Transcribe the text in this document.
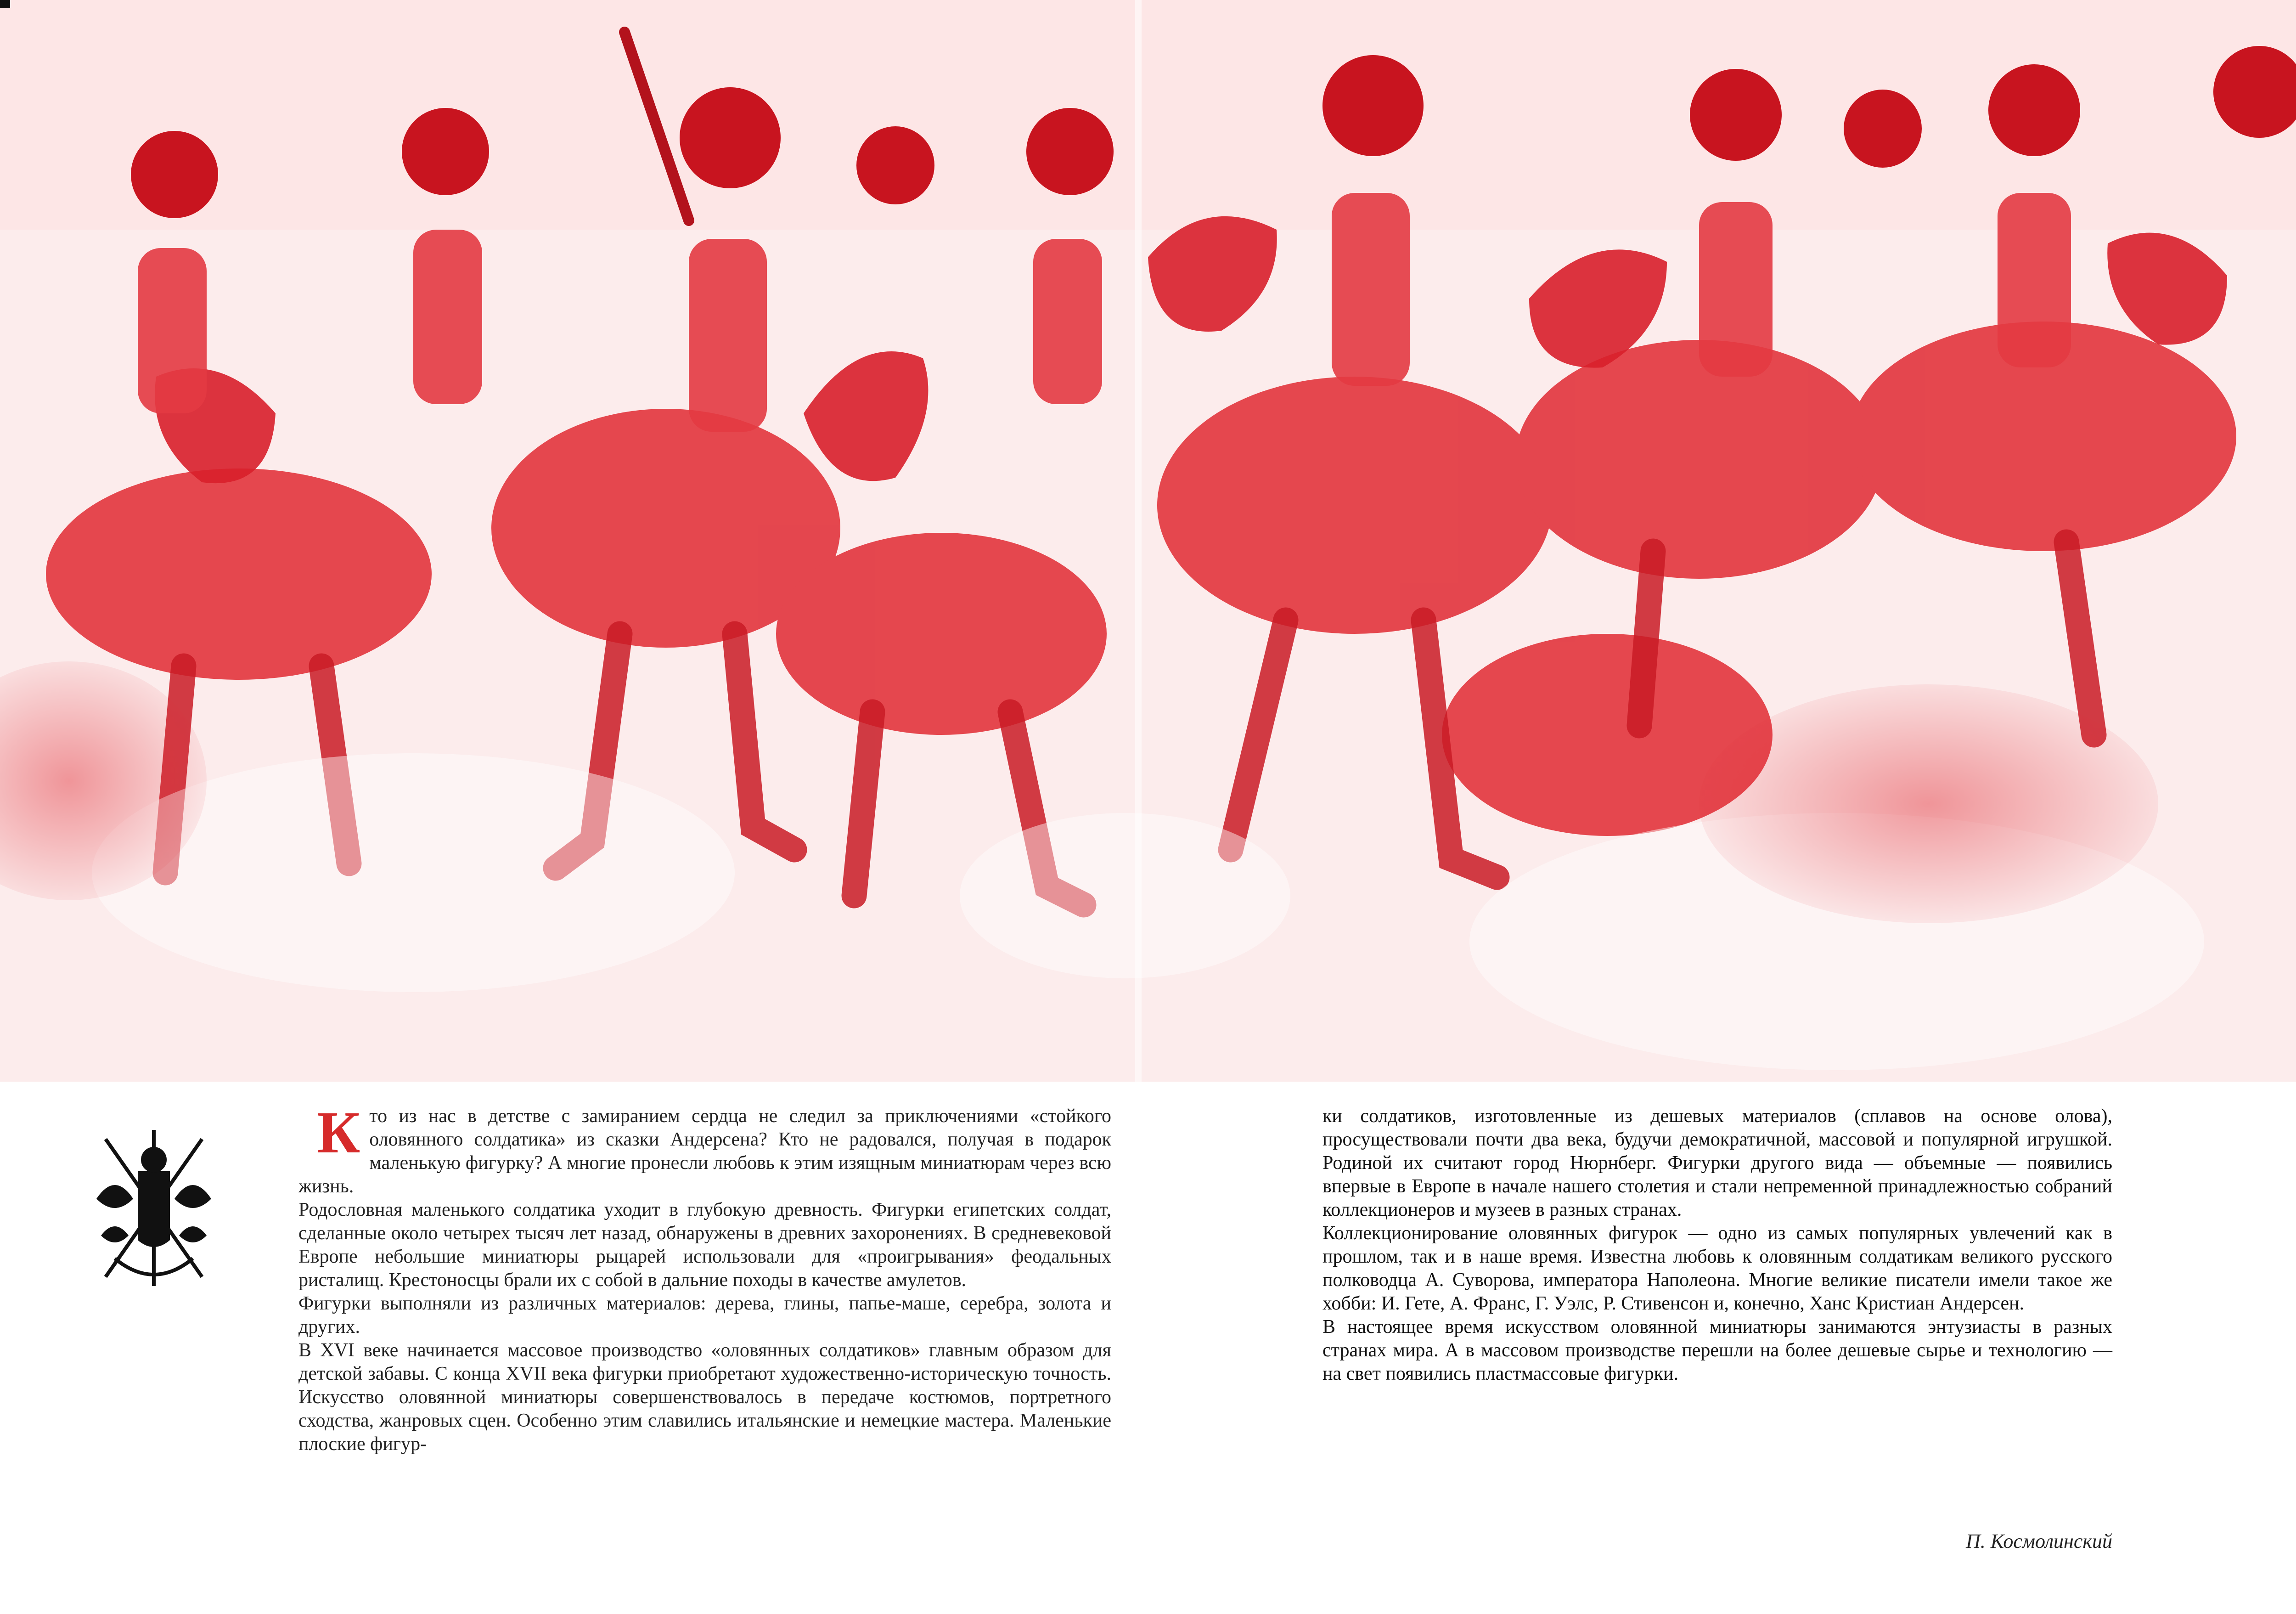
Кто из нас в детстве с замиранием сердца не следил за приключениями «стойкого оловянного солдатика» из сказки Андерсена? Кто не радовался, получая в подарок маленькую фигурку? А многие пронесли любовь к этим изящным миниатюрам через всю жизнь.

Родословная маленького солдатика уходит в глубокую древность. Фигурки египетских солдат, сделанные около четырех тысяч лет назад, обнаружены в древних захоронениях. В средневековой Европе небольшие миниатюры рыцарей использовали для «проигрывания» феодальных ристалищ. Крестоносцы брали их с собой в дальние походы в качестве амулетов.

Фигурки выполняли из различных материалов: дерева, глины, папье-маше, серебра, золота и других.

В XVI веке начинается массовое производство «оловянных солдатиков» главным образом для детской забавы. С конца XVII века фигурки приобретают художественно-историческую точность. Искусство оловянной миниатюры совершенствовалось в передаче костюмов, портретного сходства, жанровых сцен. Особенно этим славились итальянские и немецкие мастера. Маленькие плоские фигур-

ки солдатиков, изготовленные из дешевых материалов (сплавов на основе олова), просуществовали почти два века, будучи демократичной, массовой и популярной игрушкой. Родиной их считают город Нюрнберг. Фигурки другого вида — объемные — появились впервые в Европе в начале нашего столетия и стали непременной принадлежностью собраний коллекционеров и музеев в разных странах.

Коллекционирование оловянных фигурок — одно из самых популярных увлечений как в прошлом, так и в наше время. Известна любовь к оловянным солдатикам великого русского полководца А. Суворова, императора Наполеона. Многие великие писатели имели такое же хобби: И. Гете, А. Франс, Г. Уэлс, Р. Стивенсон и, конечно, Ханс Кристиан Андерсен.

В настоящее время искусством оловянной миниатюры занимаются энтузиасты в разных странах мира. А в массовом производстве перешли на более дешевые сырье и технологию — на свет появились пластмассовые фигурки.

П. Космолинский
